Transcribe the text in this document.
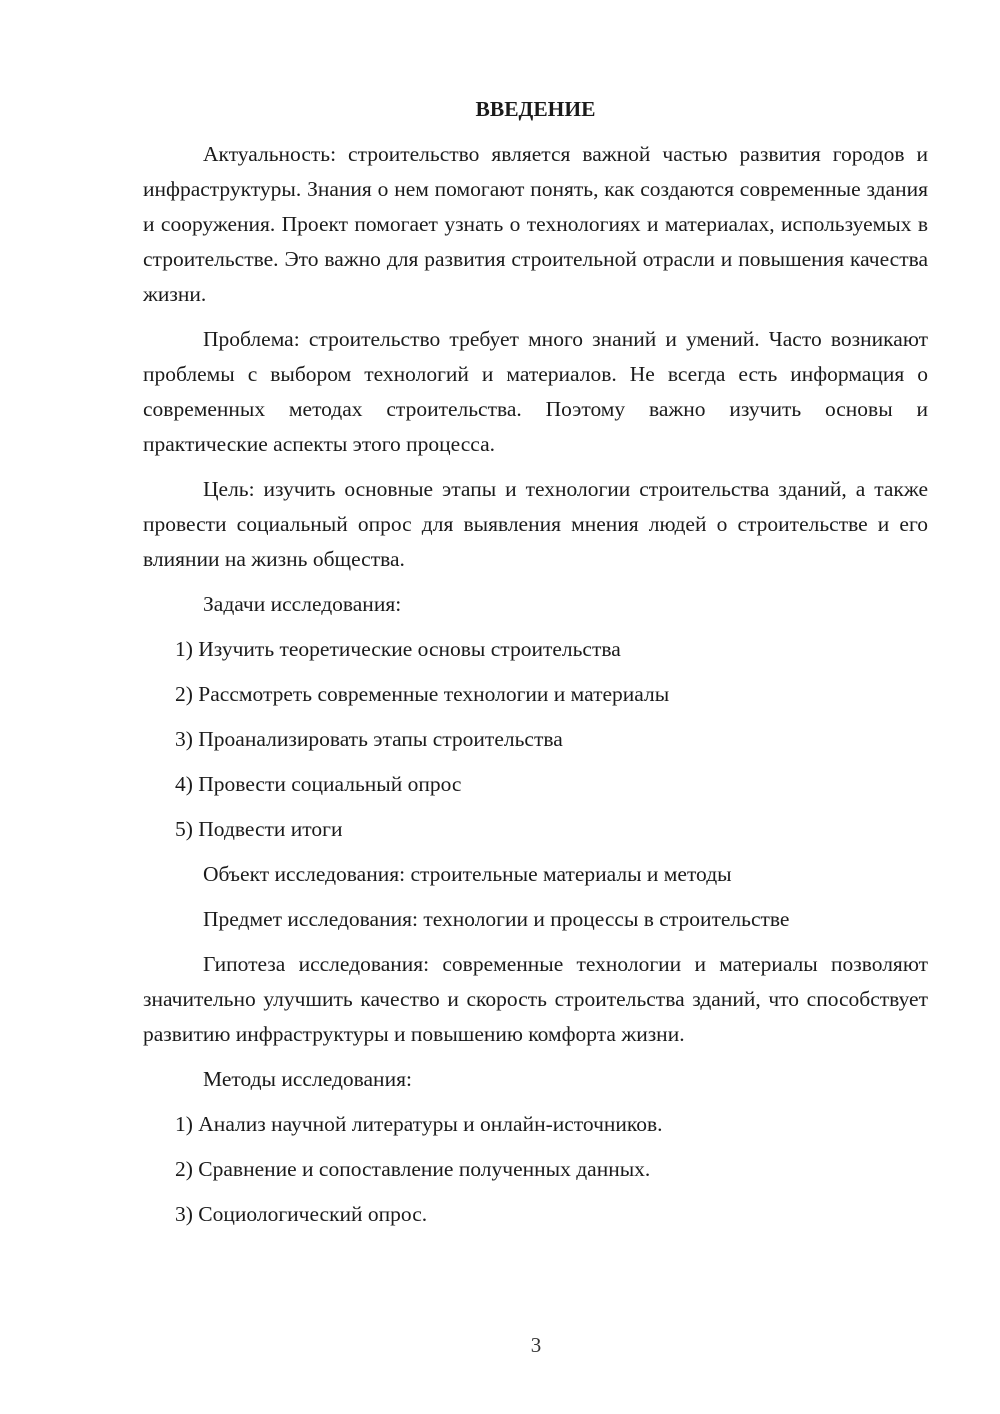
ВВЕДЕНИЕ

Актуальность: строительство является важной частью развития городов и инфраструктуры. Знания о нем помогают понять, как создаются современные здания и сооружения. Проект помогает узнать о технологиях и материалах, используемых в строительстве. Это важно для развития строительной отрасли и повышения качества жизни.

Проблема: строительство требует много знаний и умений. Часто возникают проблемы с выбором технологий и материалов. Не всегда есть информация о современных методах строительства. Поэтому важно изучить основы и практические аспекты этого процесса.

Цель: изучить основные этапы и технологии строительства зданий, а также провести социальный опрос для выявления мнения людей о строительстве и его влиянии на жизнь общества.

Задачи исследования:
1) Изучить теоретические основы строительства
2) Рассмотреть современные технологии и материалы
3) Проанализировать этапы строительства
4) Провести социальный опрос
5) Подвести итоги
Объект исследования: строительные материалы и методы
Предмет исследования: технологии и процессы в строительстве

Гипотеза исследования: современные технологии и материалы позволяют значительно улучшить качество и скорость строительства зданий, что способствует развитию инфраструктуры и повышению комфорта жизни.

Методы исследования:
1) Анализ научной литературы и онлайн-источников.
2) Сравнение и сопоставление полученных данных.
3) Социологический опрос.
3
